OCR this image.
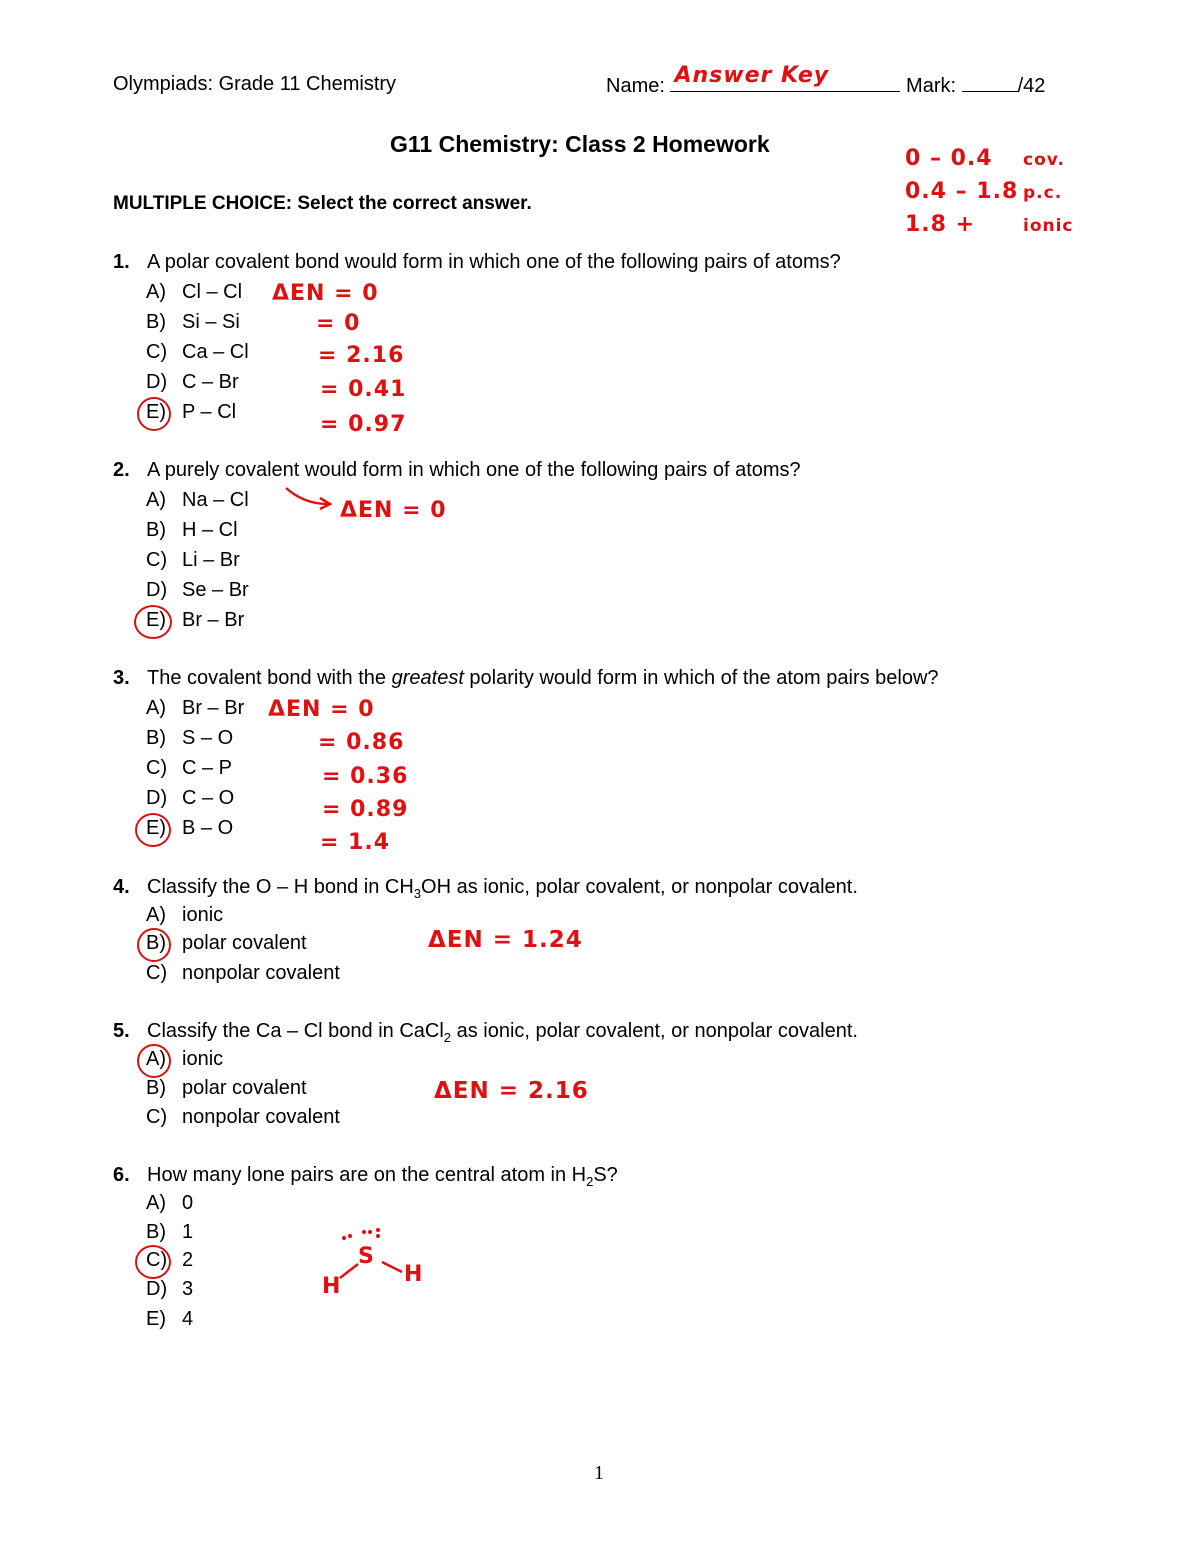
Olympiads: Grade 11 Chemistry	Name: Answer Key	Mark:	/42
G11 Chemistry: Class 2 Homework
MULTIPLE CHOICE: Select the correct answer.
0 – 0.4 cov.
0.4 – 1.8 p.c.
1.8 +	ionic
1. A polar covalent bond would form in which one of the following pairs of atoms?
A) Cl – Cl
B) Si – Si
C) Ca – Cl
D) C – Br
E) P – Cl
ΔEN = 0
= 0
= 2.16
= 0.41
= 0.97
2. A purely covalent would form in which one of the following pairs of atoms?
A) Na – Cl
B) H – Cl
C) Li – Br
D) Se – Br
E) Br – Br
ΔEN = 0
3. The covalent bond with the greatest polarity would form in which of the atom pairs below?
A) Br – Br
B) S – O
C) C – P
D) C – O
E) B – O
ΔEN = 0
= 0.86
= 0.36
= 0.89
= 1.4
4. Classify the O – H bond in $CH_3OH$ as ionic, polar covalent, or nonpolar covalent.
A) ionic
B) polar covalent
C) nonpolar covalent
ΔEN = 1.24
5. Classify the Ca – Cl bond in CaCl$_2$ as ionic, polar covalent, or nonpolar covalent.
A) ionic
B) polar covalent
C) nonpolar covalent
ΔEN = 2.16
6. How many lone pairs are on the central atom in $H_2S$?
A) 0
B) 1
C) 2
D) 3
E) 4
H
S
H
1
